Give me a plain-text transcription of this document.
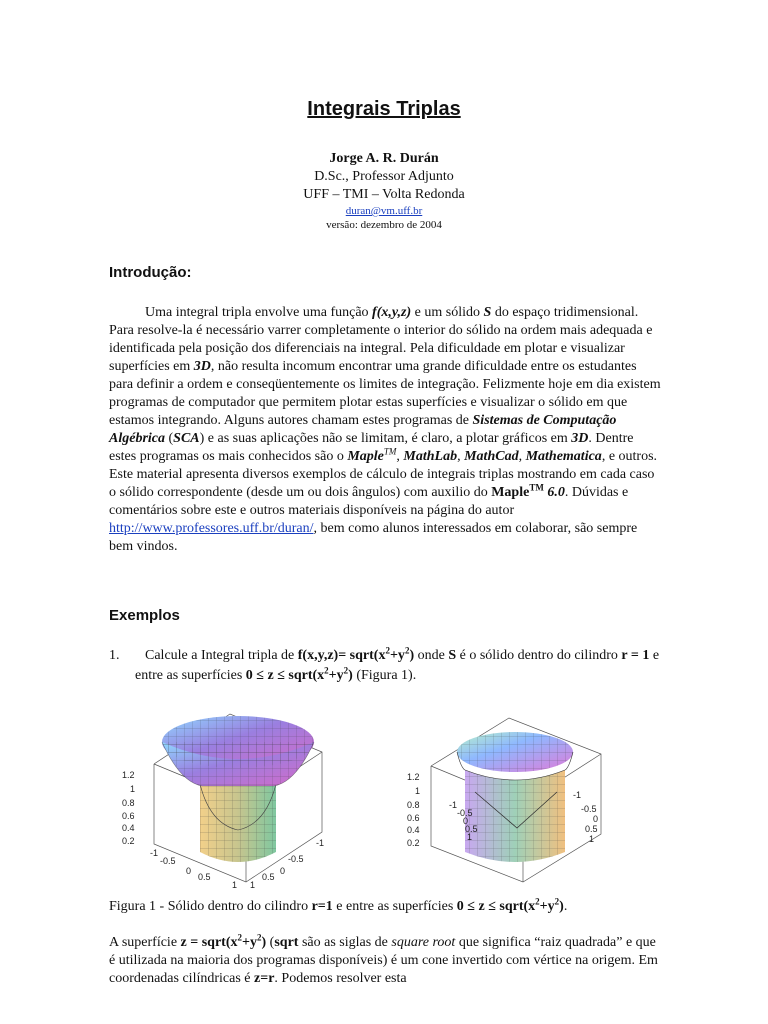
Integrais Triplas
Jorge A. R. Durán
D.Sc., Professor Adjunto
UFF – TMI – Volta Redonda
duran@vm.uff.br
versão: dezembro de 2004
Introdução:
Uma integral tripla envolve uma função f(x,y,z) e um sólido S do espaço tridimensional. Para resolve-la é necessário varrer completamente o interior do sólido na ordem mais adequada e identificada pela posição dos diferenciais na integral. Pela dificuldade em plotar e visualizar superfícies em 3D, não resulta incomum encontrar uma grande dificuldade entre os estudantes para definir a ordem e conseqüentemente os limites de integração. Felizmente hoje em dia existem programas de computador que permitem plotar estas superfícies e visualizar o sólido em que estamos integrando. Alguns autores chamam estes programas de Sistemas de Computação Algébrica (SCA) e as suas aplicações não se limitam, é claro, a plotar gráficos em 3D. Dentre estes programas os mais conhecidos são o Maple™, MathLab, MathCad, Mathematica, e outros. Este material apresenta diversos exemplos de cálculo de integrais triplas mostrando em cada caso o sólido correspondente (desde um ou dois ângulos) com auxilio do Maple™ 6.0. Dúvidas e comentários sobre este e outros materiais disponíveis na página do autor http://www.professores.uff.br/duran/, bem como alunos interessados em colaborar, são sempre bem vindos.
Exemplos
1.	Calcule a Integral tripla de $f(x,y,z)= sqrt(x^2+y^2)$ onde S é o sólido dentro do cilindro r = 1 e entre as superfícies $0 \le z \le sqrt(x^2+y^2)$ (Figura 1).
1.2
1
0.8
0.6
0.4
0.2
-1
-0.5
0
0.5
1
-1
-0.5
0
0.5
1
1.2
1
0.8
0.6
0.4
0.2
-1
-0.5
0
0.5
1
-1
-0.5
0
0.5
1
Figura 1 - Sólido dentro do cilindro r=1 e entre as superfícies $0 \le z \le sqrt(x^2+y^2)$.
A superfície $z = sqrt(x^2+y^2)$ (sqrt são as siglas de square root que significa “raiz quadrada” e que é utilizada na maioria dos programas disponíveis) é um cone invertido com vértice na origem. Em coordenadas cilíndricas é z=r. Podemos resolver esta
